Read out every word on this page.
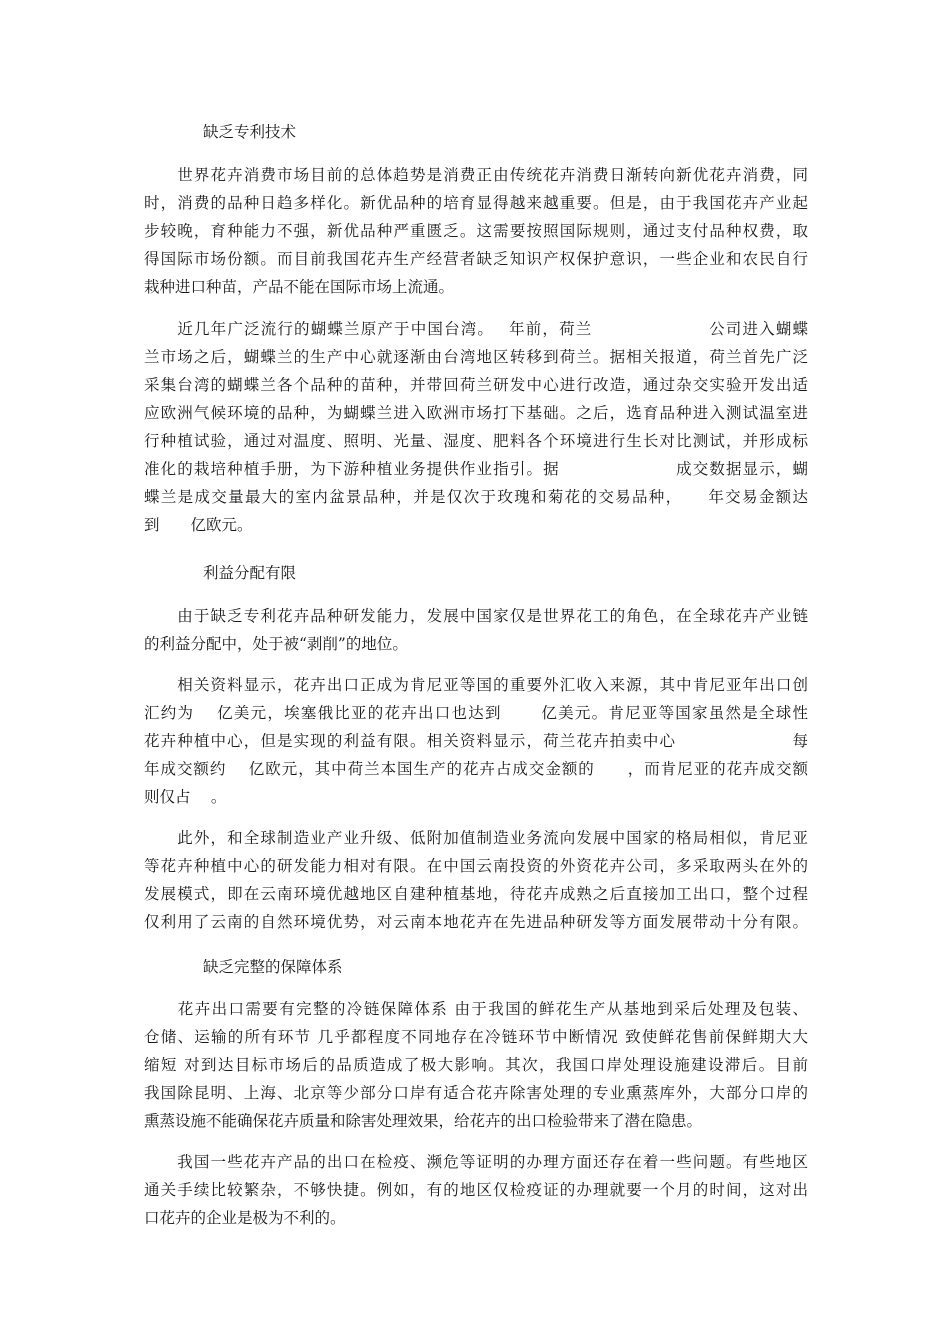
缺乏专利技术
　　世界花卉消费市场目前的总体趋势是消费正由传统花卉消费日渐转向新优花卉消费，同
时，消费的品种日趋多样化。新优品种的培育显得越来越重要。但是，由于我国花卉产业起
步较晚，育种能力不强，新优品种严重匮乏。这需要按照国际规则，通过支付品种权费，取
得国际市场份额。而目前我国花卉生产经营者缺乏知识产权保护意识，一些企业和农民自行
栽种进口种苗，产品不能在国际市场上流通。
　　近几年广泛流行的蝴蝶兰原产于中国台湾。　 年前，荷兰　　　　　　　公司进入蝴蝶
兰市场之后，蝴蝶兰的生产中心就逐渐由台湾地区转移到荷兰。据相关报道，荷兰首先广泛
采集台湾的蝴蝶兰各个品种的苗种，并带回荷兰研发中心进行改造，通过杂交实验开发出适
应欧洲气候环境的品种，为蝴蝶兰进入欧洲市场打下基础。之后，选育品种进入测试温室进
行种植试验，通过对温度、照明、光量、湿度、肥料各个环境进行生长对比测试，并形成标
准化的栽培种植手册，为下游种植业务提供作业指引。据　　　　　　　成交数据显示，蝴
蝶兰是成交量最大的室内盆景品种，并是仅次于玫瑰和菊花的交易品种，　　年交易金额达
到　　亿欧元。
利益分配有限
　　由于缺乏专利花卉品种研发能力，发展中国家仅是世界花工的角色，在全球花卉产业链
的利益分配中，处于被“剥削”的地位。
　　相关资料显示，花卉出口正成为肯尼亚等国的重要外汇收入来源，其中肯尼亚年出口创
汇约为　 亿美元，埃塞俄比亚的花卉出口也达到　　 亿美元。肯尼亚等国家虽然是全球性
花卉种植中心，但是实现的利益有限。相关资料显示，荷兰花卉拍卖中心　　　　　　　每
年成交额约　 亿欧元，其中荷兰本国生产的花卉占成交金额的　　，而肯尼亚的花卉成交额
则仅占　 。
　　此外，和全球制造业产业升级、低附加值制造业务流向发展中国家的格局相似，肯尼亚
等花卉种植中心的研发能力相对有限。在中国云南投资的外资花卉公司，多采取两头在外的
发展模式，即在云南环境优越地区自建种植基地，待花卉成熟之后直接加工出口，整个过程
仅利用了云南的自然环境优势，对云南本地花卉在先进品种研发等方面发展带动十分有限。
缺乏完整的保障体系
　　花卉出口需要有完整的冷链保障体系 由于我国的鲜花生产从基地到采后处理及包装、
仓储、运输的所有环节 几乎都程度不同地存在冷链环节中断情况 致使鲜花售前保鲜期大大
缩短 对到达目标市场后的品质造成了极大影响。其次，我国口岸处理设施建设滞后。目前
我国除昆明、上海、北京等少部分口岸有适合花卉除害处理的专业熏蒸库外，大部分口岸的
熏蒸设施不能确保花卉质量和除害处理效果，给花卉的出口检验带来了潜在隐患。
　　我国一些花卉产品的出口在检疫、濒危等证明的办理方面还存在着一些问题。有些地区
通关手续比较繁杂，不够快捷。例如，有的地区仅检疫证的办理就要一个月的时间，这对出
口花卉的企业是极为不利的。
